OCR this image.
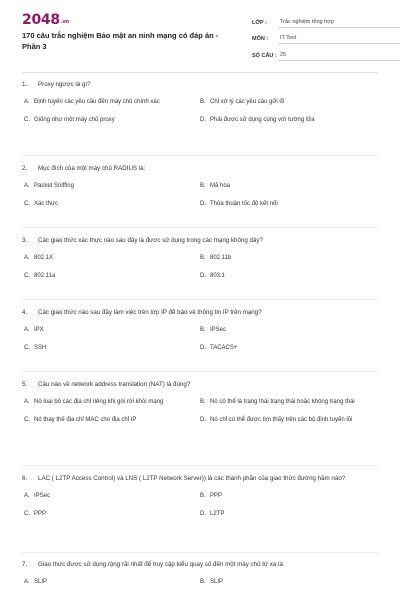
$2048^{.vn}$
170 câu trắc nghiệm Bảo mật an ninh mạng có đáp án - Phần 3
LỚP :	Trắc nghiệm tổng hợp
MÔN :	IT Test
SỐ CÂU : 25
1.	Proxy ngược là gì?
A. Định tuyến các yêu cầu đến máy chủ chính xác	B. Chỉ xử lý các yêu cầu gửi đi
C. Giống như một máy chủ proxy	D. Phải được sử dụng cùng với tường lửa
2.	Mục đích của một máy chủ RADIUS là:
A. Packet Sniffing	B. Mã hóa
C. Xác thực	D. Thỏa thuận tốc độ kết nối
3.	Các giao thức xác thực nào sau đây là được sử dụng trong các mạng không dây?
A. 802.1X	B. 802.11b
C. 802.11a	D. 803.1
4.	Các giao thức nào sau đây làm việc trên lớp IP để bảo vệ thông tin IP trên mạng?
A. IPX	B. IPSec
C. SSH	D. TACACS+
5.	Câu nào về network address translation (NAT) là đúng?
A. Nó loại bỏ các địa chỉ riêng khi gói rời khỏi mạng	B. Nó có thể là trạng thái trạng thái hoặc không trạng thái
C. Nó thay thế địa chỉ MAC cho địa chỉ IP	D. Nó chỉ có thể được tìm thấy trên các bộ định tuyến lõi
6.	LAC ( L2TP Access Control) và LNS ( L2TP Network Server)) là các thành phần của giao thức đường hầm nào?
A. IPSec	B. PPP
C. PPP	D. L2TP
7.	Giao thức được sử dụng rộng rãi nhất để truy cập kiểu quay số đến một máy chủ từ xa là:
A. SLIP	B. SLIP
